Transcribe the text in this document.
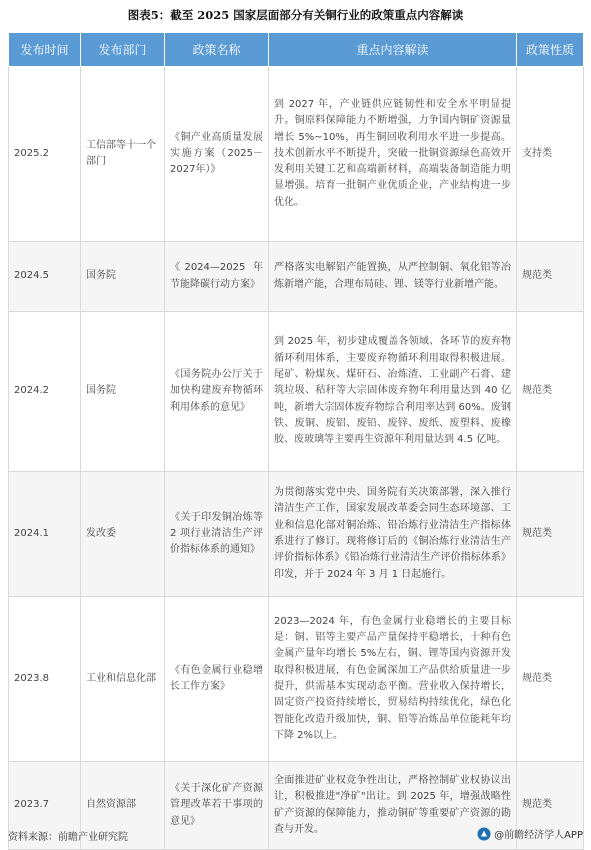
图表5：截至 2025 国家层面部分有关铜行业的政策重点内容解读
发布时间	发布部门	政策名称	重点内容解读	政策性质
2025.2	工信部等十一个部门	《铜产业高质量发展实施方案（2025－2027年）》	到 2027 年，产业链供应链韧性和安全水平明显提升。铜原料保障能力不断增强，力争国内铜矿资源量增长 5%~10%，再生铜回收利用水平进一步提高。技术创新水平不断提升，突破一批铜资源绿色高效开发利用关键工艺和高端新材料，高端装备制造能力明显增强。培育一批铜产业优质企业，产业结构进一步优化。	支持类
2024.5	国务院	《2024—2025 年节能降碳行动方案》	严格落实电解铝产能置换，从严控制铜、氧化铝等冶炼新增产能，合理布局硅、锂、镁等行业新增产能。	规范类
2024.2	国务院	《国务院办公厅关于加快构建废弃物循环利用体系的意见》	到 2025 年，初步建成覆盖各领域、各环节的废弃物循环利用体系，主要废弃物循环利用取得积极进展。尾矿、粉煤灰、煤矸石、冶炼渣、工业副产石膏、建筑垃圾、秸秆等大宗固体废弃物年利用量达到 40 亿吨，新增大宗固体废弃物综合利用率达到 60%。废钢铁、废铜、废铝、废铅、废锌、废纸、废塑料、废橡胶、废玻璃等主要再生资源年利用量达到 4.5 亿吨。	规范类
2024.1	发改委	《关于印发铜冶炼等 2 项行业清洁生产评价指标体系的通知》	为贯彻落实党中央、国务院有关决策部署，深入推行清洁生产工作，国家发展改革委会同生态环境部、工业和信息化部对铜冶炼、铅冶炼行业清洁生产指标体系进行了修订。现将修订后的《铜冶炼行业清洁生产评价指标体系》《铅冶炼行业清洁生产评价指标体系》印发，并于 2024 年 3 月 1 日起施行。	规范类
2023.8	工业和信息化部	《有色金属行业稳增长工作方案》	2023—2024 年，有色金属行业稳增长的主要目标是：铜、铝等主要产品产量保持平稳增长，十种有色金属产量年均增长 5%左右，铜、锂等国内资源开发取得积极进展，有色金属深加工产品供给质量进一步提升，供需基本实现动态平衡。营业收入保持增长，固定资产投资持续增长，贸易结构持续优化，绿色化智能化改造升级加快，铜、铅等冶炼品单位能耗年均下降 2%以上。	规范类
2023.7	自然资源部	《关于深化矿产资源管理改革若干事项的意见》	全面推进矿业权竞争性出让，严格控制矿业权协议出让，积极推进"净矿"出让。到 2025 年，增强战略性矿产资源的保障能力，推动铜矿等重要矿产资源的勘查与开发。	规范类
资料来源：前瞻产业研究院	@前瞻经济学人APP
